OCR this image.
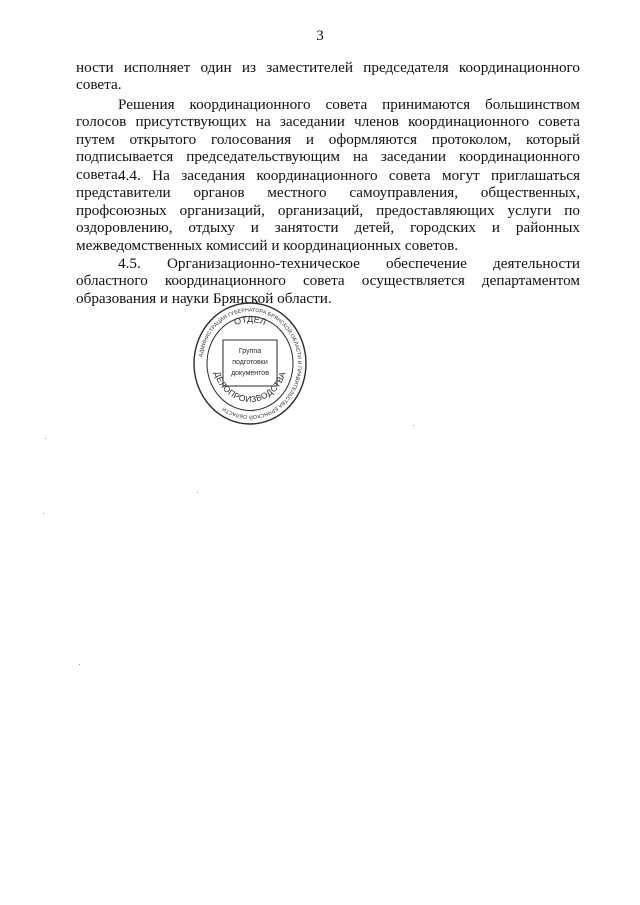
3

ности исполняет один из заместителей председателя координационного совета.

Решения координационного совета принимаются большинством голосов присутствующих на заседании членов координационного совета путем открытого голосования и оформляются протоколом, который подписывается председательствующим на заседании координационного совета.

4.4. На заседания координационного совета могут приглашаться представители органов местного самоуправления, общественных, профсоюзных организаций, организаций, предоставляющих услуги по оздоровлению, отдыху и занятости детей, городских и районных межведомственных комиссий и координационных советов.

4.5. Организационно-техническое обеспечение деятельности областного координационного совета осуществляется департаментом образования и науки Брянской области.

АДМИНИСТРАЦИЯ ГУБЕРНАТОРА БРЯНСКОЙ ОБЛАСТИ И ПРАВИТЕЛЬСТВА БРЯНСКОЙ ОБЛАСТИ
ОТДЕЛ
ДЕЛОПРОИЗВОДСТВА
Группа
подготовки
документов
